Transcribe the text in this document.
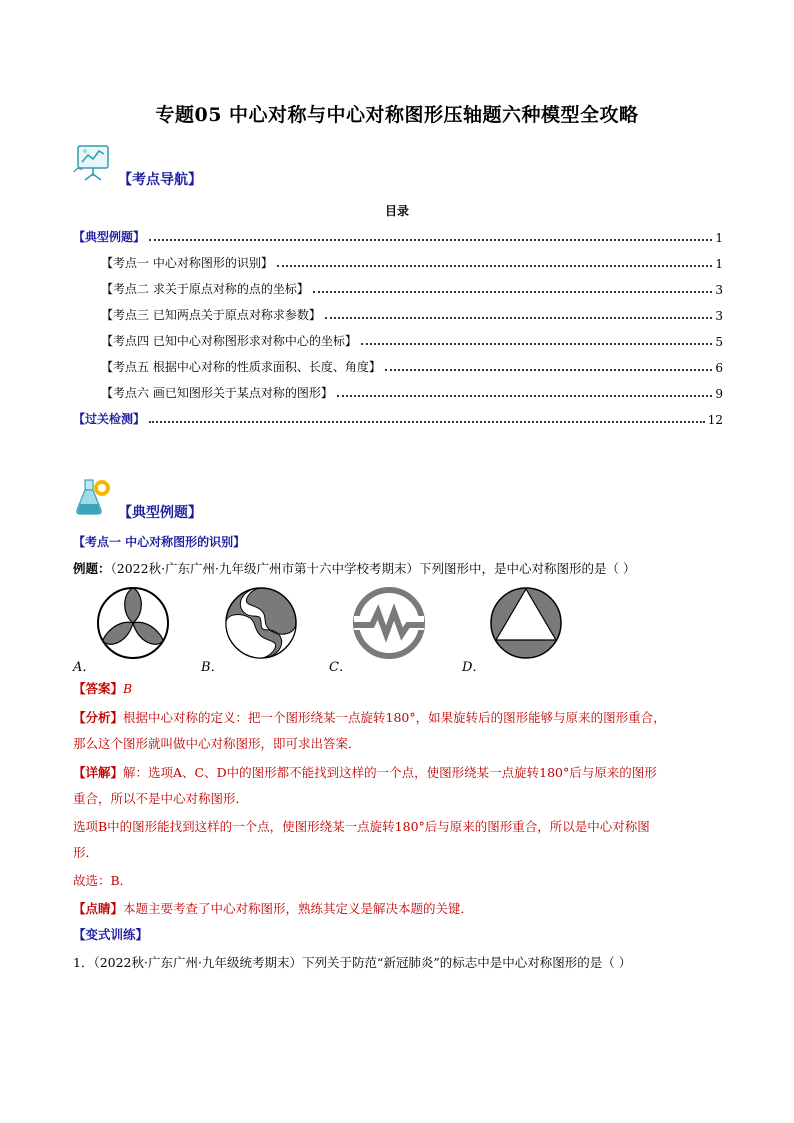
专题05 中心对称与中心对称图形压轴题六种模型全攻略
【考点导航】
目录
【典型例题】	1
【考点一 中心对称图形的识别】	1
【考点二 求关于原点对称的点的坐标】	3
【考点三 已知两点关于原点对称求参数】	3
【考点四 已知中心对称图形求对称中心的坐标】	5
【考点五 根据中心对称的性质求面积、长度、角度】	6
【考点六 画已知图形关于某点对称的图形】	9
【过关检测】	12
【典型例题】
【考点一 中心对称图形的识别】
例题：（2022秋·广东广州·九年级广州市第十六中学校考期末）下列图形中，是中心对称图形的是（ ）
A．	B．	C．	D．
【答案】B
【分析】根据中心对称的定义：把一个图形绕某一点旋转180°，如果旋转后的图形能够与原来的图形重合，
那么这个图形就叫做中心对称图形，即可求出答案．
【详解】解：选项A、C、D中的图形都不能找到这样的一个点，使图形绕某一点旋转180°后与原来的图形
重合，所以不是中心对称图形．
选项B中的图形能找到这样的一个点，使图形绕某一点旋转180°后与原来的图形重合，所以是中心对称图
形．
故选：B．
【点睛】本题主要考查了中心对称图形，熟练其定义是解决本题的关键．
【变式训练】
1．（2022秋·广东广州·九年级统考期末）下列关于防范“新冠肺炎”的标志中是中心对称图形的是（ ）
